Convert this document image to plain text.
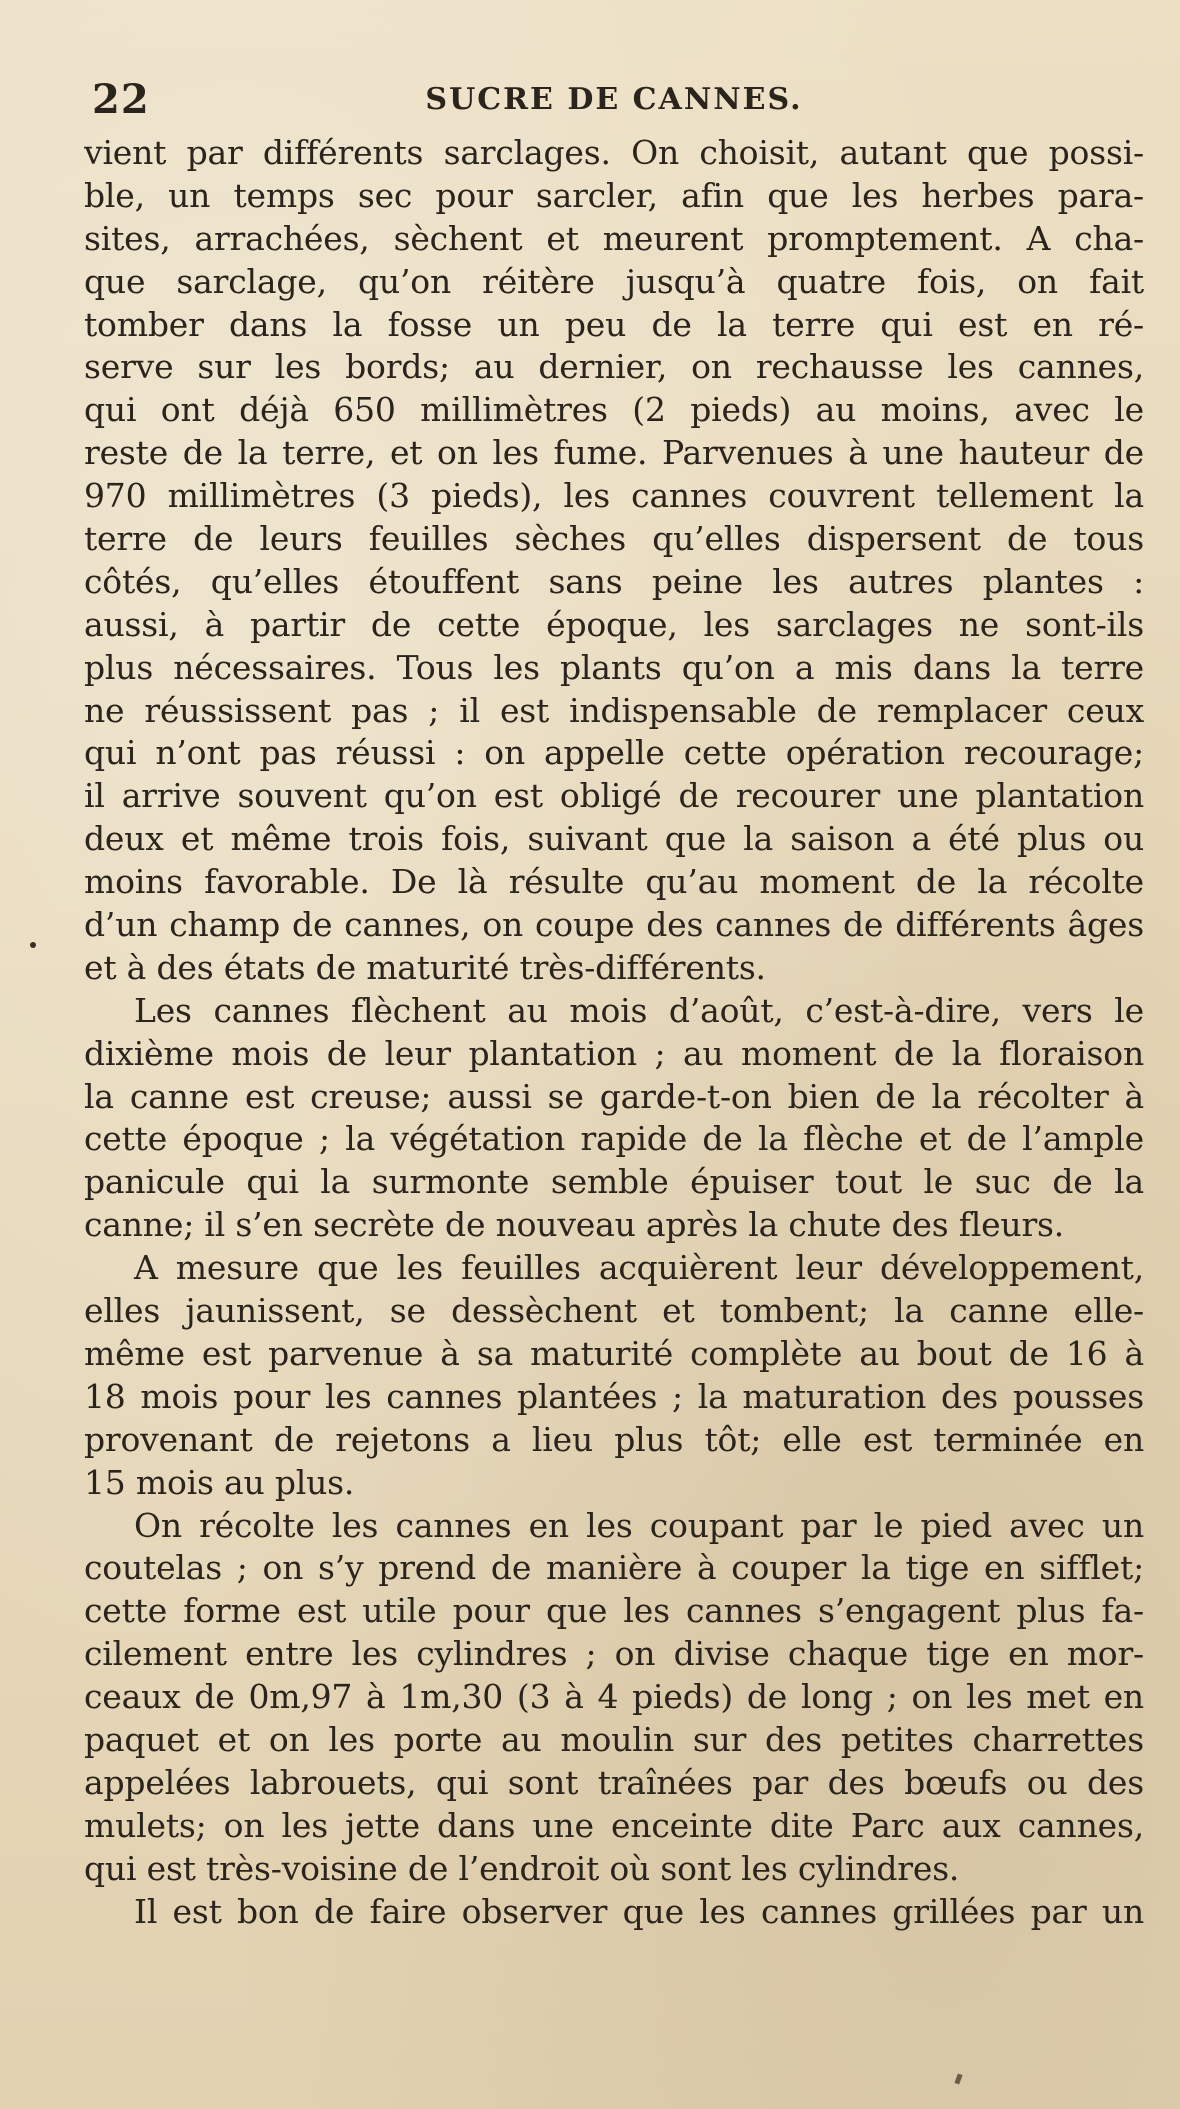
22	SUCRE DE CANNES.
vient par différents sarclages. On choisit, autant que possi-
ble, un temps sec pour sarcler, afin que les herbes para-
sites, arrachées, sèchent et meurent promptement. A cha-
que sarclage, qu’on réitère jusqu’à quatre fois, on fait
tomber dans la fosse un peu de la terre qui est en ré-
serve sur les bords; au dernier, on rechausse les cannes,
qui ont déjà 650 millimètres (2 pieds) au moins, avec le
reste de la terre, et on les fume. Parvenues à une hauteur de
970 millimètres (3 pieds), les cannes couvrent tellement la
terre de leurs feuilles sèches qu’elles dispersent de tous
côtés, qu’elles étouffent sans peine les autres plantes :
aussi, à partir de cette époque, les sarclages ne sont-ils
plus nécessaires. Tous les plants qu’on a mis dans la terre
ne réussissent pas ; il est indispensable de remplacer ceux
qui n’ont pas réussi : on appelle cette opération recourage;
il arrive souvent qu’on est obligé de recourer une plantation
deux et même trois fois, suivant que la saison a été plus ou
moins favorable. De là résulte qu’au moment de la récolte
d’un champ de cannes, on coupe des cannes de différents âges
et à des états de maturité très-différents.
Les cannes flèchent au mois d’août, c’est-à-dire, vers le
dixième mois de leur plantation ; au moment de la floraison
la canne est creuse; aussi se garde-t-on bien de la récolter à
cette époque ; la végétation rapide de la flèche et de l’ample
panicule qui la surmonte semble épuiser tout le suc de la
canne; il s’en secrète de nouveau après la chute des fleurs.
A mesure que les feuilles acquièrent leur développement,
elles jaunissent, se dessèchent et tombent; la canne elle-
même est parvenue à sa maturité complète au bout de 16 à
18 mois pour les cannes plantées ; la maturation des pousses
provenant de rejetons a lieu plus tôt; elle est terminée en
15 mois au plus.
On récolte les cannes en les coupant par le pied avec un
coutelas ; on s’y prend de manière à couper la tige en sifflet;
cette forme est utile pour que les cannes s’engagent plus fa-
cilement entre les cylindres ; on divise chaque tige en mor-
ceaux de 0m,97 à 1m,30 (3 à 4 pieds) de long ; on les met en
paquet et on les porte au moulin sur des petites charrettes
appelées labrouets, qui sont traînées par des bœufs ou des
mulets; on les jette dans une enceinte dite Parc aux cannes,
qui est très-voisine de l’endroit où sont les cylindres.
Il est bon de faire observer que les cannes grillées par un
